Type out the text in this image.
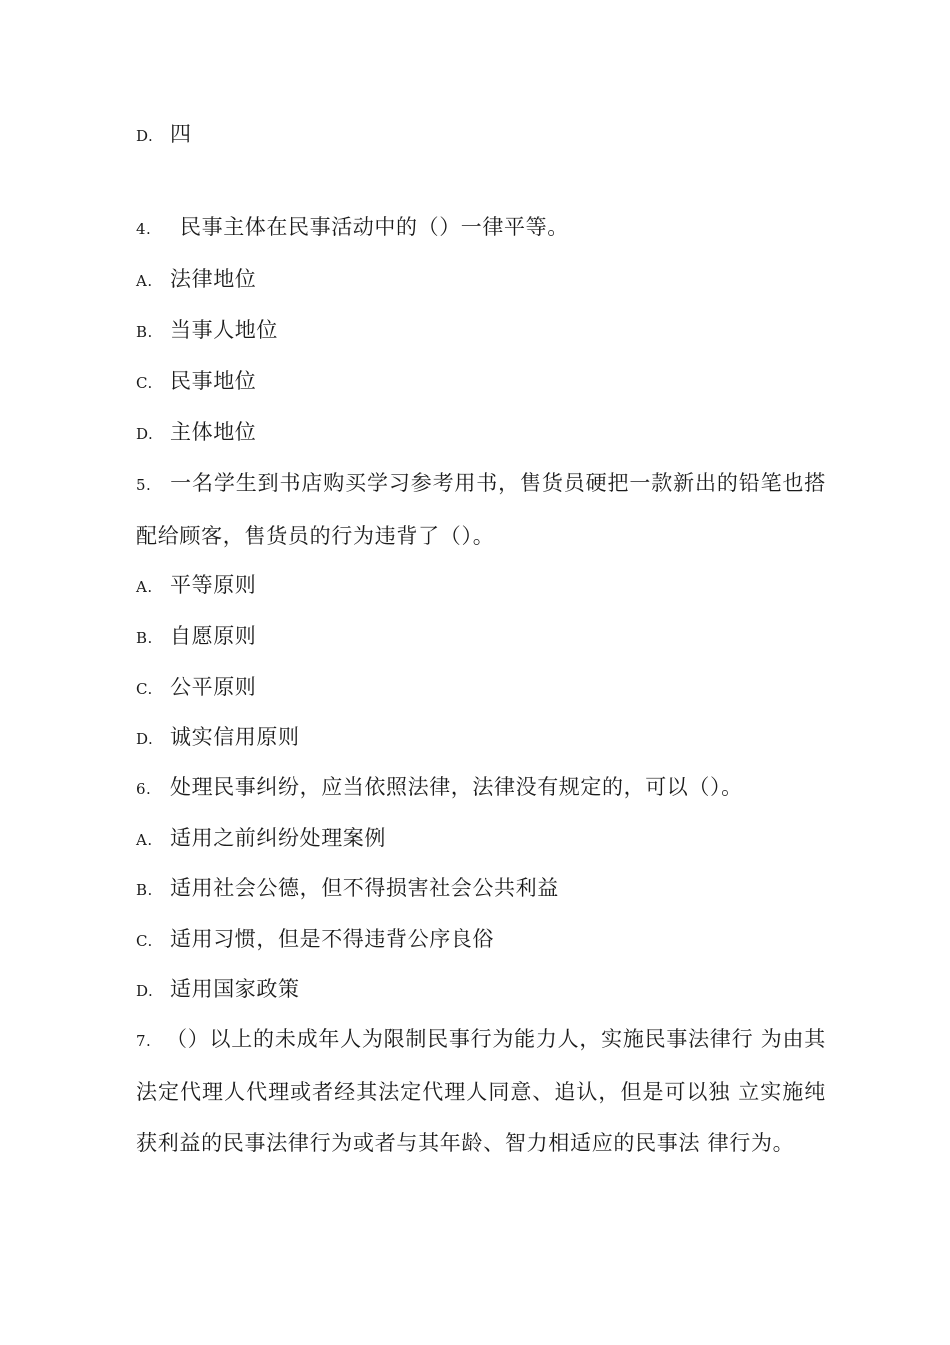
D. 四
4. 民事主体在民事活动中的（）一律平等。
A. 法律地位
B. 当事人地位
C. 民事地位
D. 主体地位
5. 一名学生到书店购买学习参考用书，售货员硬把一款新出的铅笔也搭配给顾客，售货员的行为违背了（）。
A. 平等原则
B. 自愿原则
C. 公平原则
D. 诚实信用原则
6. 处理民事纠纷，应当依照法律，法律没有规定的，可以（）。
A. 适用之前纠纷处理案例
B. 适用社会公德，但不得损害社会公共利益
C. 适用习惯，但是不得违背公序良俗
D. 适用国家政策
7. （）以上的未成年人为限制民事行为能力人，实施民事法律行 为由其法定代理人代理或者经其法定代理人同意、追认，但是可以独 立实施纯获利益的民事法律行为或者与其年龄、智力相适应的民事法 律行为。
